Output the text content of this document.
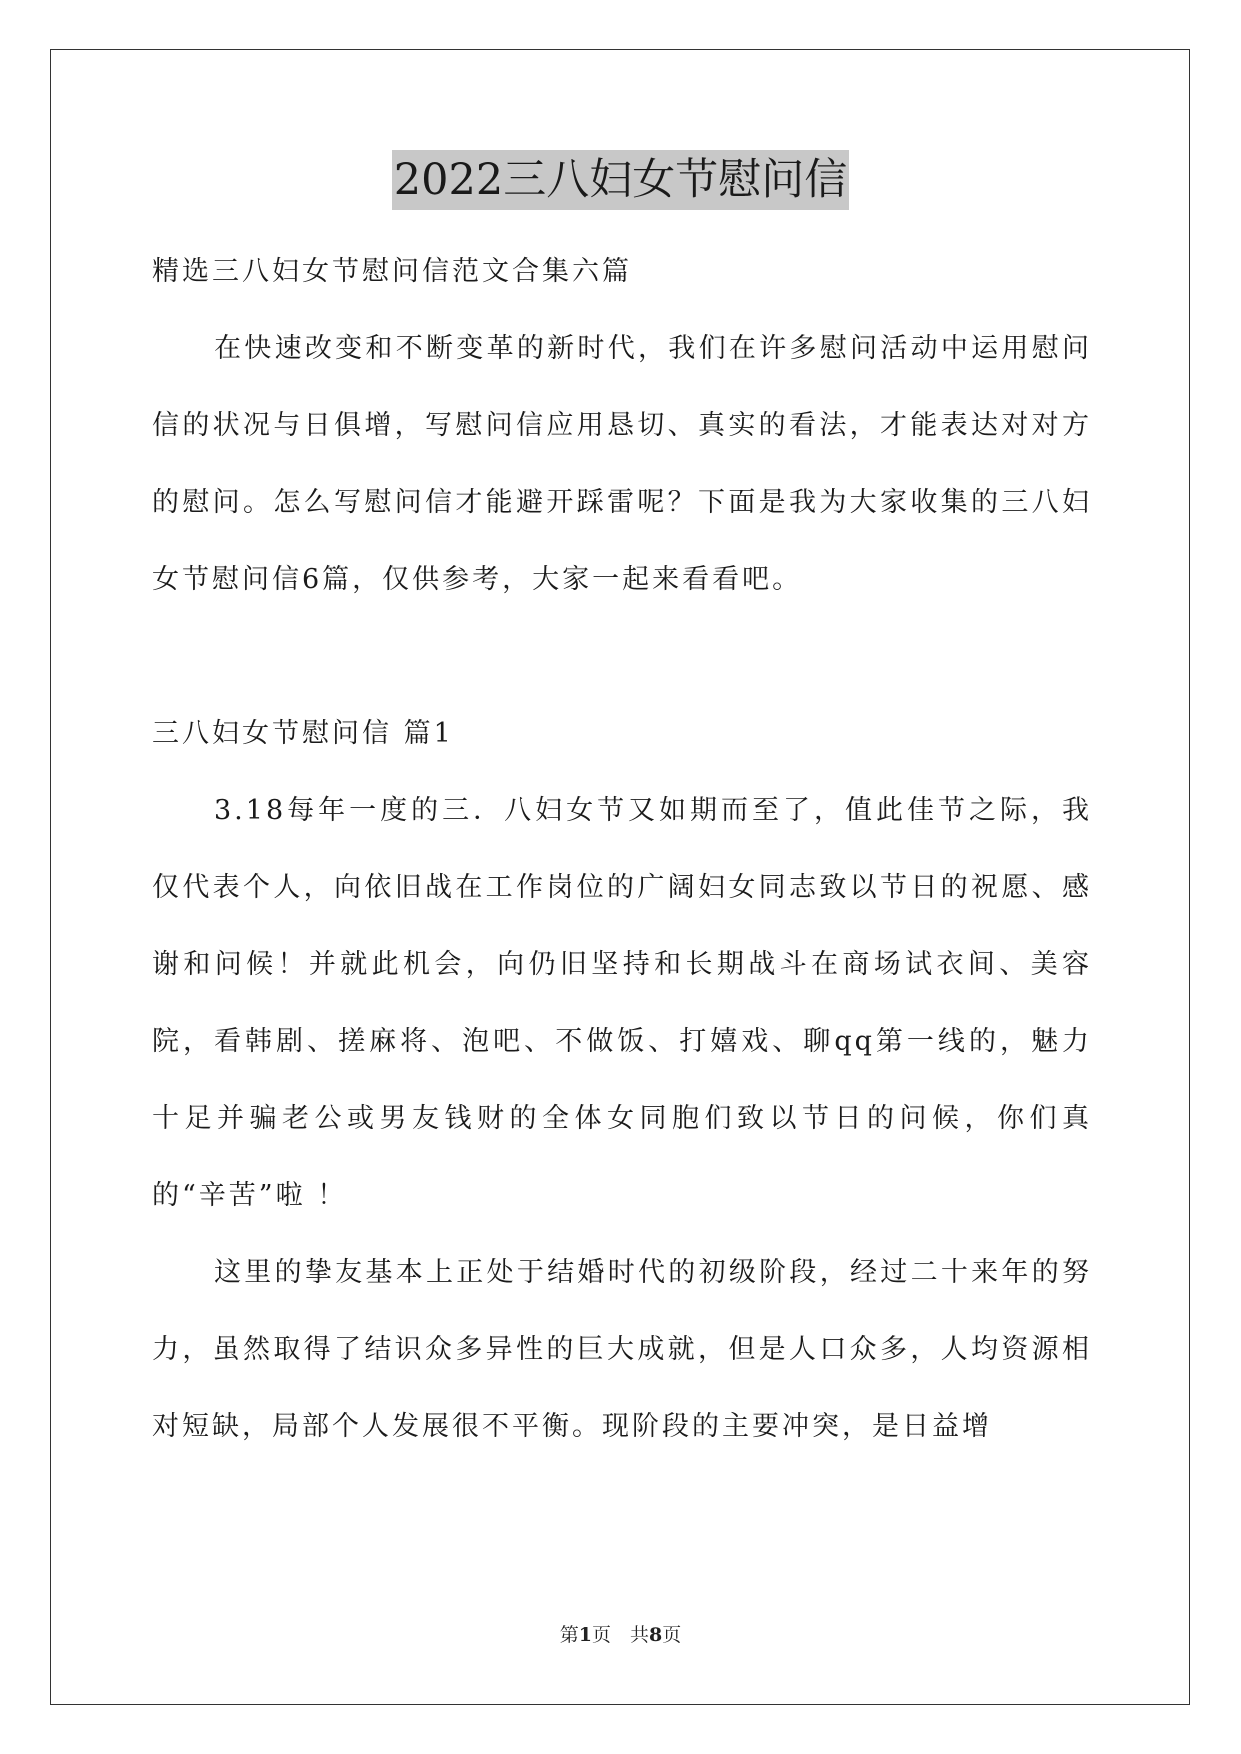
2022三八妇女节慰问信

精选三八妇女节慰问信范文合集六篇

在快速改变和不断变革的新时代，我们在许多慰问活动中运用慰问信的状况与日俱增，写慰问信应用恳切、真实的看法，才能表达对对方的慰问。怎么写慰问信才能避开踩雷呢？下面是我为大家收集的三八妇女节慰问信6篇，仅供参考，大家一起来看看吧。

三八妇女节慰问信 篇1

3.18每年一度的三．八妇女节又如期而至了，值此佳节之际，我仅代表个人，向依旧战在工作岗位的广阔妇女同志致以节日的祝愿、感谢和问候！并就此机会，向仍旧坚持和长期战斗在商场试衣间、美容院，看韩剧、搓麻将、泡吧、不做饭、打嬉戏、聊qq第一线的，魅力十足并骗老公或男友钱财的全体女同胞们致以节日的问候，你们真的“辛苦”啦 ！

这里的挚友基本上正处于结婚时代的初级阶段，经过二十来年的努力，虽然取得了结识众多异性的巨大成就，但是人口众多，人均资源相对短缺，局部个人发展很不平衡。现阶段的主要冲突，是日益增

第1页　共8页
